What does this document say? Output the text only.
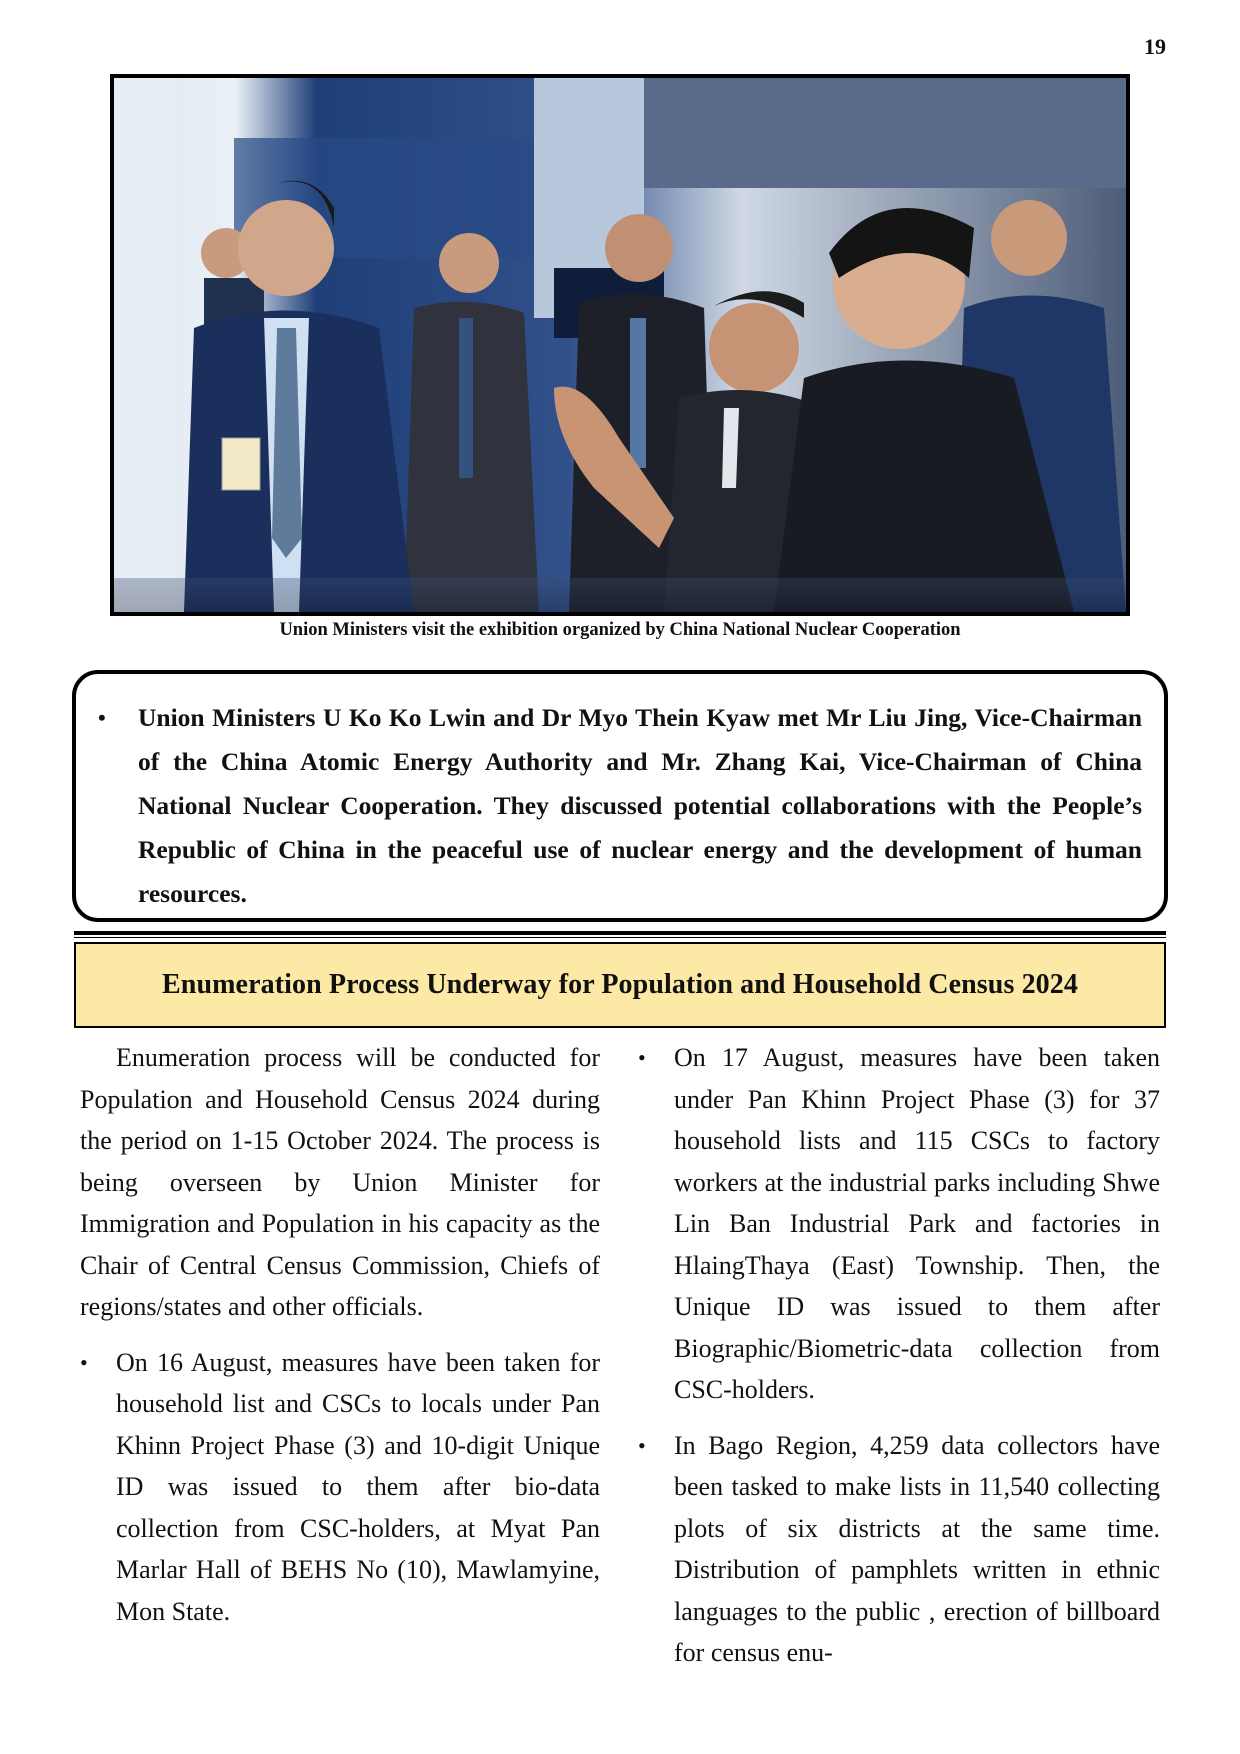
19
Union Ministers visit the exhibition organized by China National Nuclear Cooperation
• Union Ministers U Ko Ko Lwin and Dr Myo Thein Kyaw met Mr Liu Jing, Vice-Chairman of the China Atomic Energy Authority and Mr. Zhang Kai, Vice-Chairman of China National Nuclear Cooperation. They discussed potential collaborations with the People’s Republic of China in the peaceful use of nuclear energy and the development of human resources.
Enumeration Process Underway for Population and Household Census 2024

Enumeration process will be conducted for Population and Household Census 2024 during the period on 1-15 October 2024. The process is being overseen by Union Minister for Immigration and Population in his capacity as the Chair of Central Census Commission, Chiefs of regions/states and other officials.

• On 16 August, measures have been taken for household list and CSCs to locals under Pan Khinn Project Phase (3) and 10-digit Unique ID was issued to them after bio-data collection from CSC-holders, at Myat Pan Marlar Hall of BEHS No (10), Mawlamyine, Mon State.
• On 17 August, measures have been taken under Pan Khinn Project Phase (3) for 37 household lists and 115 CSCs to factory workers at the industrial parks including Shwe Lin Ban Industrial Park and factories in HlaingThaya (East) Township. Then, the Unique ID was issued to them after Biographic/Biometric-data collection from CSC-holders.
• In Bago Region, 4,259 data collectors have been tasked to make lists in 11,540 collecting plots of six districts at the same time. Distribution of pamphlets written in ethnic languages to the public , erection of billboard for census enu-
